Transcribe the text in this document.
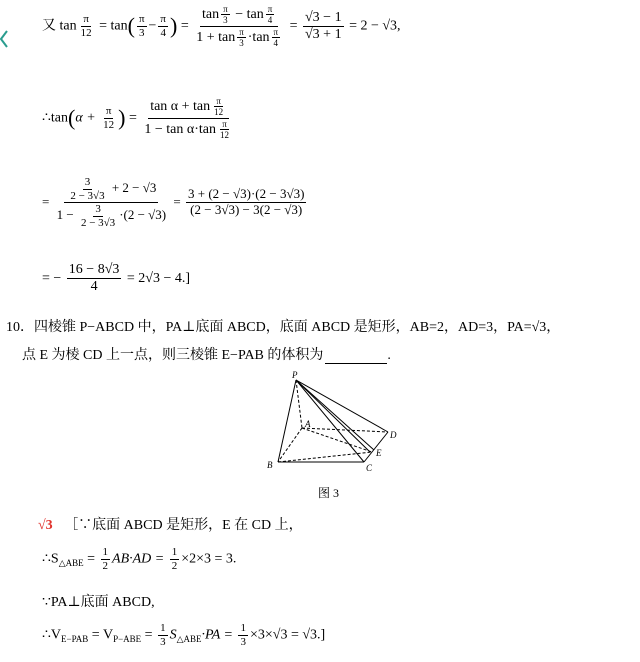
又 $\tan \frac{\pi}{12} = \tan( \frac{\pi}{3} - \frac{\pi}{4}$ ) = $\frac{\tan \frac{\pi}{3} - \tan \frac{\pi}{4}}{1 + \tan \frac{\pi}{3} \cdot\tan \frac{\pi}{4}} = \frac{√3 - 1}{√3 + 1} = 2 - √3$,
∴tan(α + $\frac{\pi}{12}$ ) = $\frac{\tan \alpha + \tan \frac{\pi}{12}}{1 - \tan \alpha\cdot\tan \frac{\pi}{12}}$
= $\frac{\frac{3}{2 - 3√3} + 2 - √3}{1 - \frac{3}{2 - 3√3} \cdot(2 - √3)} = \frac{3 + (2 - √3)\cdot(2 - 3√3)}{(2 - 3√3) - 3(2 - √3)}$
= − $\frac{16 - 8√3}{4} = 2√3 - 4$.]
10．四棱锥 P−ABCD 中，PA⊥底面 ABCD，底面 ABCD 是矩形，AB=2，AD=3，PA=√3，
点 E 为棱 CD 上一点，则三棱锥 E−PAB 的体积为	.
P
A
B	C
D
E
图 3
√3 ［∵底面 ABCD 是矩形，E 在 CD 上，
$\therefore S_{\triangle ABE} = \frac{1}{2} AB\cdot AD = \frac{1}{2} \times 2\times 3 = 3$.
∵PA⊥底面 ABCD,
$\therefore V_{E-PAB} = V_{P-ABE} = \frac{1}{3} S_{\triangle ABE}\cdot PA = \frac{1}{3} \times 3\times√3 = √3$.]
